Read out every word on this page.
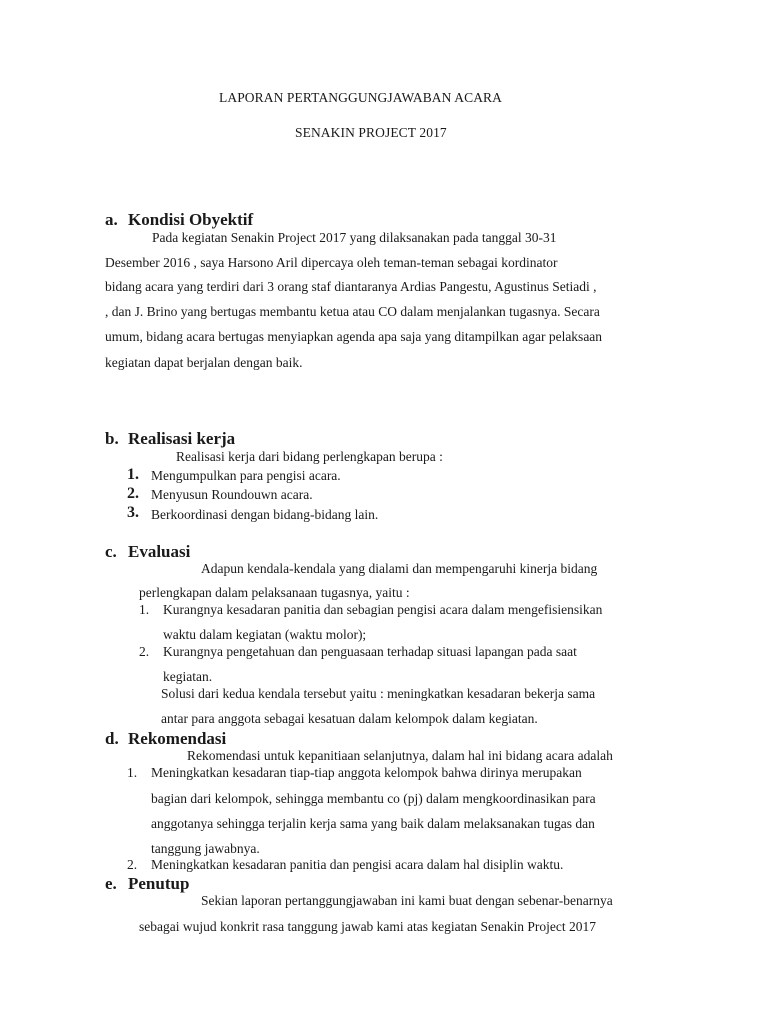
LAPORAN PERTANGGUNGJAWABAN ACARA
SENAKIN PROJECT 2017
a. Kondisi Obyektif
Pada kegiatan Senakin Project 2017 yang dilaksanakan pada tanggal 30-31
Desember 2016 , saya Harsono Aril dipercaya oleh teman-teman sebagai kordinator
bidang acara yang terdiri dari 3 orang staf diantaranya Ardias Pangestu, Agustinus Setiadi ,
, dan J. Brino yang bertugas membantu ketua atau CO dalam menjalankan tugasnya. Secara
umum, bidang acara bertugas menyiapkan agenda apa saja yang ditampilkan agar pelaksaan
kegiatan dapat berjalan dengan baik.
b. Realisasi kerja
Realisasi kerja dari bidang perlengkapan berupa :
1. Mengumpulkan para pengisi acara.
2. Menyusun Roundouwn acara.
3. Berkoordinasi dengan bidang-bidang lain.
c. Evaluasi
Adapun kendala-kendala yang dialami dan mempengaruhi kinerja bidang
perlengkapan dalam pelaksanaan tugasnya, yaitu :
1. Kurangnya kesadaran panitia dan sebagian pengisi acara dalam mengefisiensikan
waktu dalam kegiatan (waktu molor);
2. Kurangnya pengetahuan dan penguasaan terhadap situasi lapangan pada saat
kegiatan.
Solusi dari kedua kendala tersebut yaitu : meningkatkan kesadaran bekerja sama
antar para anggota sebagai kesatuan dalam kelompok dalam kegiatan.
d. Rekomendasi
Rekomendasi untuk kepanitiaan selanjutnya, dalam hal ini bidang acara adalah
1. Meningkatkan kesadaran tiap-tiap anggota kelompok bahwa dirinya merupakan
bagian dari kelompok, sehingga membantu co (pj) dalam mengkoordinasikan para
anggotanya sehingga terjalin kerja sama yang baik dalam melaksanakan tugas dan
tanggung jawabnya.
2. Meningkatkan kesadaran panitia dan pengisi acara dalam hal disiplin waktu.
e. Penutup
Sekian laporan pertanggungjawaban ini kami buat dengan sebenar-benarnya
sebagai wujud konkrit rasa tanggung jawab kami atas kegiatan Senakin Project 2017
